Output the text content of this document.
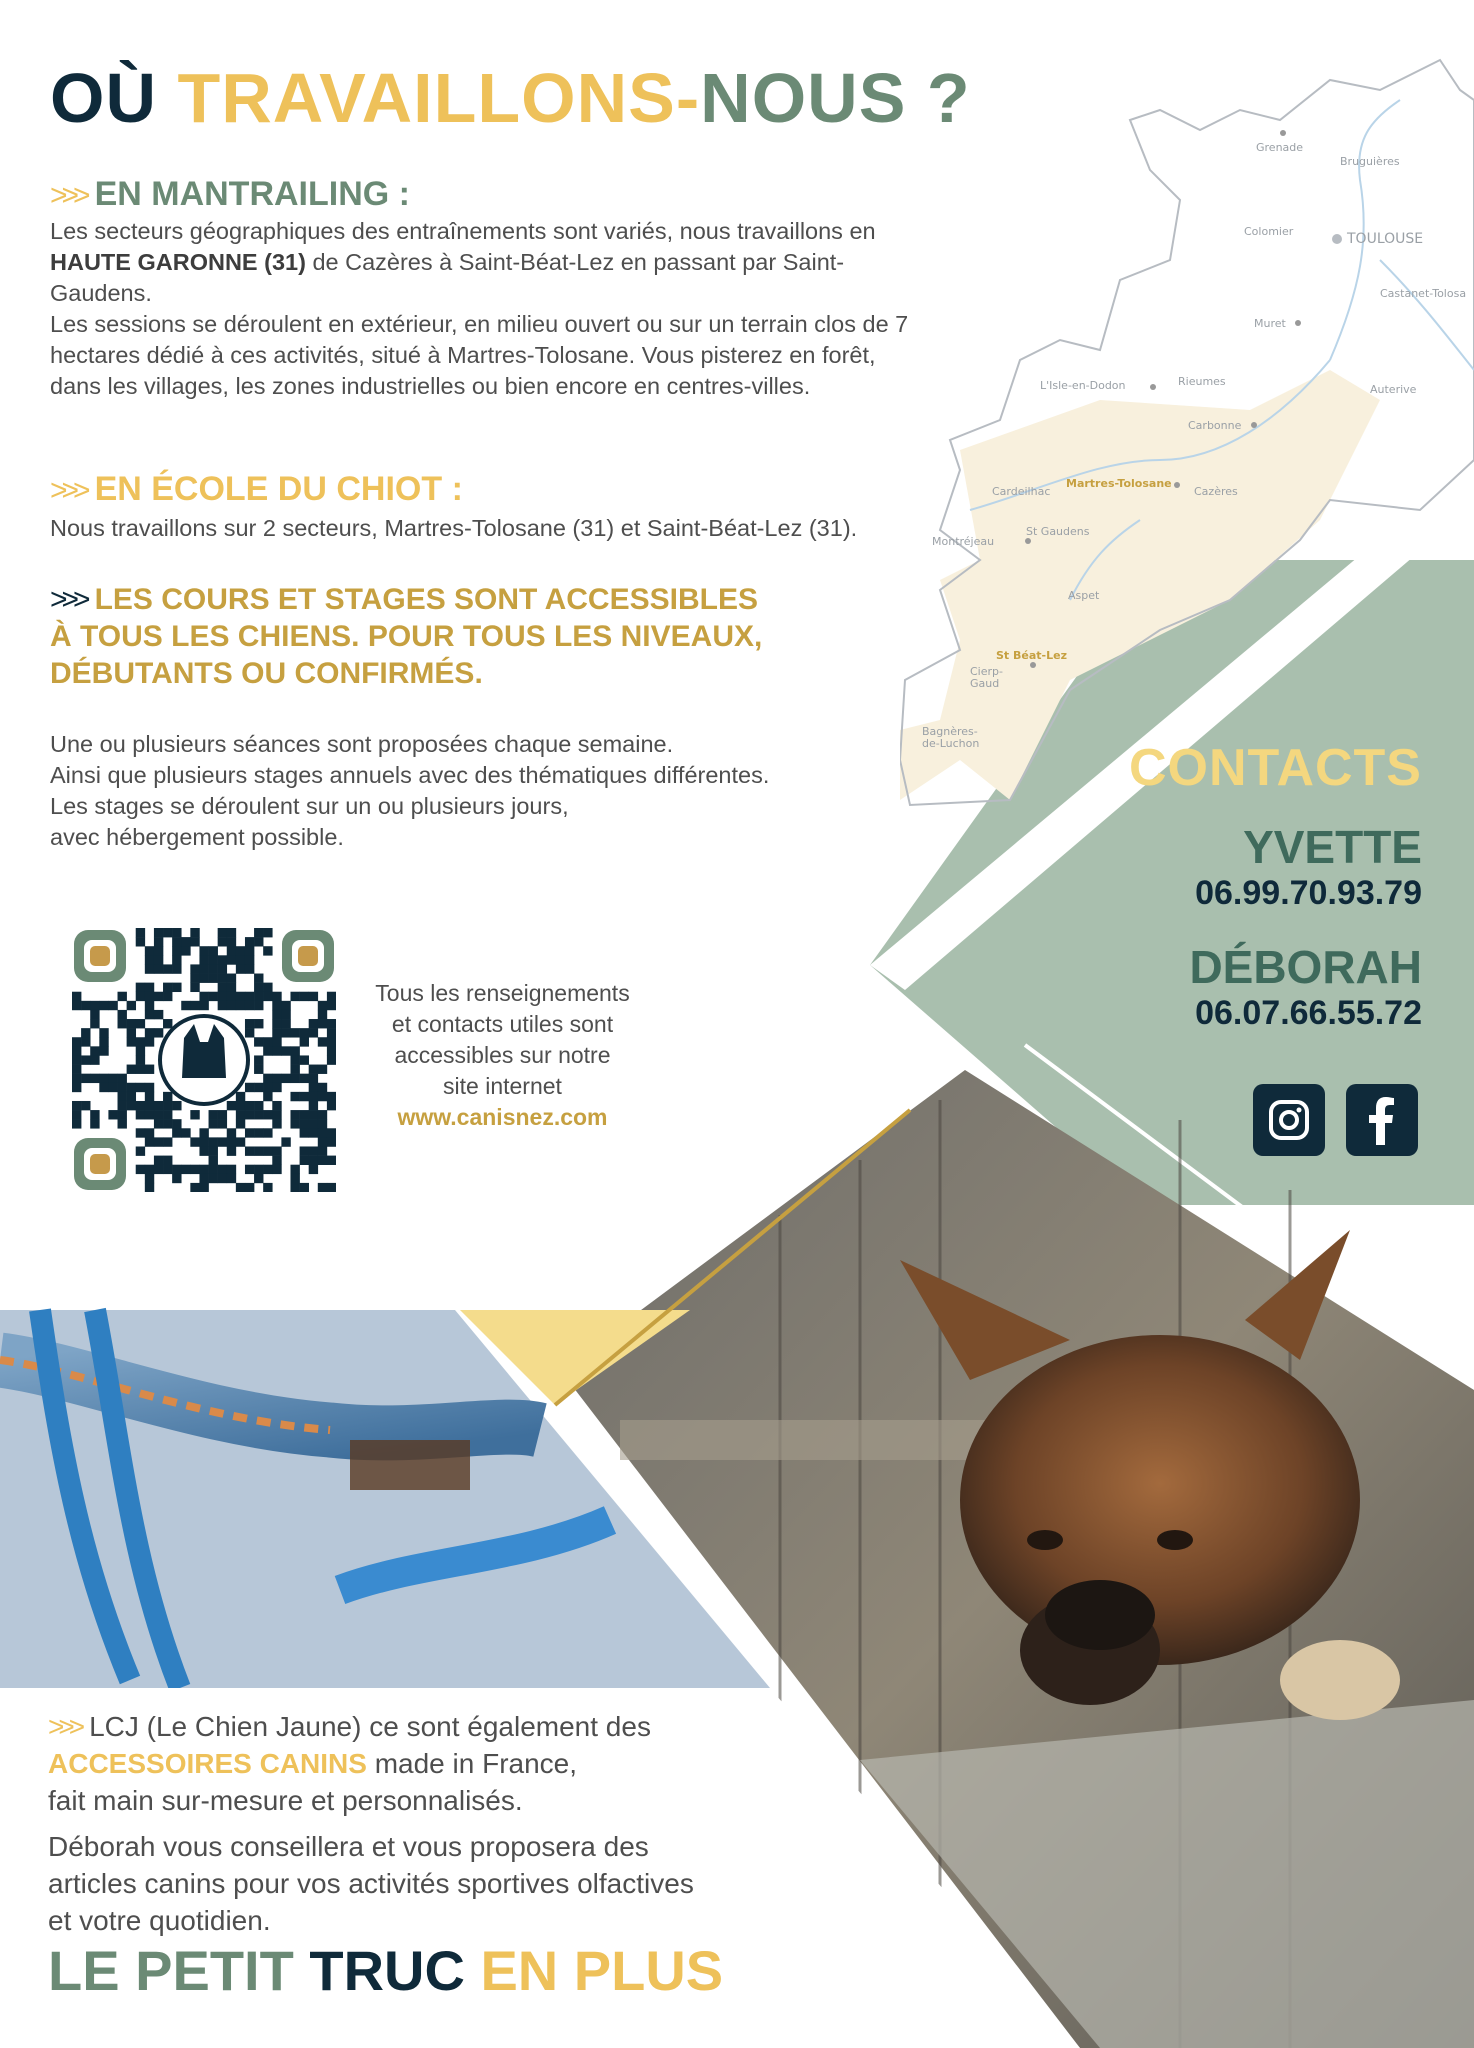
Grenade
Bruguières
Colomier	TOULOUSE
Castanet-Tolosa
Muret
Auterive
L'Isle-en-Dodon	Rieumes
Carbonne
Cardeilhac
Martres-Tolosane
Cazères
Montréjeau
St Gaudens
Aspet
St Béat-Lez
Cierp-
Gaud
Bagnères-
de-Luchon
OÙ TRAVAILLONS-NOUS ?
>>> EN MANTRAILING :
Les secteurs géographiques des entraînements sont variés, nous travaillons en HAUTE GARONNE (31) de Cazères à Saint-Béat-Lez en passant par Saint-Gaudens.
Les sessions se déroulent en extérieur, en milieu ouvert ou sur un terrain clos de 7 hectares dédié à ces activités, situé à Martres-Tolosane. Vous pisterez en forêt, dans les villages, les zones industrielles ou bien encore en centres-villes.
>>> EN ÉCOLE DU CHIOT :
Nous travaillons sur 2 secteurs, Martres-Tolosane (31) et Saint-Béat-Lez (31).
>>> LES COURS ET STAGES SONT ACCESSIBLES
À TOUS LES CHIENS. POUR TOUS LES NIVEAUX,
DÉBUTANTS OU CONFIRMÉS.
Une ou plusieurs séances sont proposées chaque semaine.
Ainsi que plusieurs stages annuels avec des thématiques différentes.
Les stages se déroulent sur un ou plusieurs jours,
avec hébergement possible.
Tous les renseignements
et contacts utiles sont
accessibles sur notre
site internet
www.canisnez.com
CONTACTS
YVETTE
06.99.70.93.79
DÉBORAH
06.07.66.55.72
>>> LCJ (Le Chien Jaune) ce sont également des
ACCESSOIRES CANINS made in France,
fait main sur-mesure et personnalisés.
Déborah vous conseillera et vous proposera des
articles canins pour vos activités sportives olfactives
et votre quotidien.
LE PETIT TRUC EN PLUS
